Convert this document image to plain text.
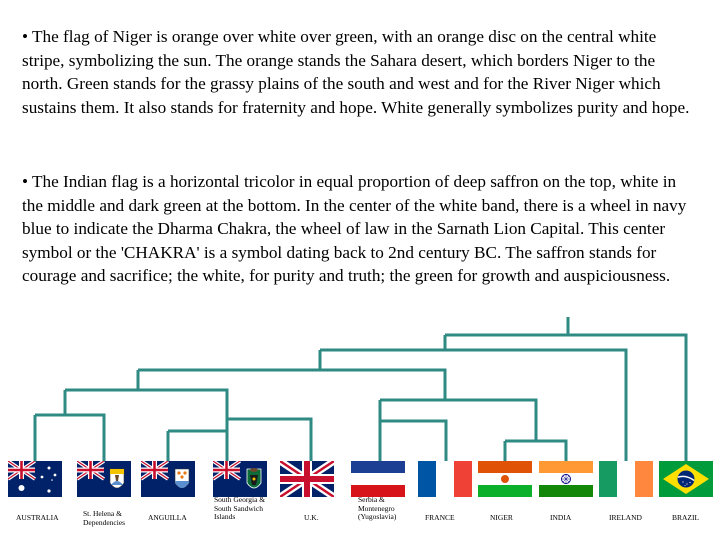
• The flag of Niger is orange over white over green, with an orange disc on the central white stripe, symbolizing the sun. The orange stands the Sahara desert, which borders Niger to the north. Green stands for the grassy plains of the south and west and for the River Niger which sustains them. It also stands for fraternity and hope. White generally symbolizes purity and hope.

• The Indian flag is a horizontal tricolor in equal proportion of deep saffron on the top, white in the middle and dark green at the bottom. In the center of the white band, there is a wheel in navy blue to indicate the Dharma Chakra, the wheel of law in the Sarnath Lion Capital. This center symbol or the 'CHAKRA' is a symbol dating back to 2nd century BC. The saffron stands for courage and sacrifice; the white, for purity and truth; the green for growth and auspiciousness.

AUSTRALIA	St. Helena & Dependencies	ANGUILLA
South Georgia & South Sandwich Islands	U.K.
Serbia & Montenegro (Yugoslavia)	FRANCE	NIGER	INDIA	IRELAND	BRAZIL
